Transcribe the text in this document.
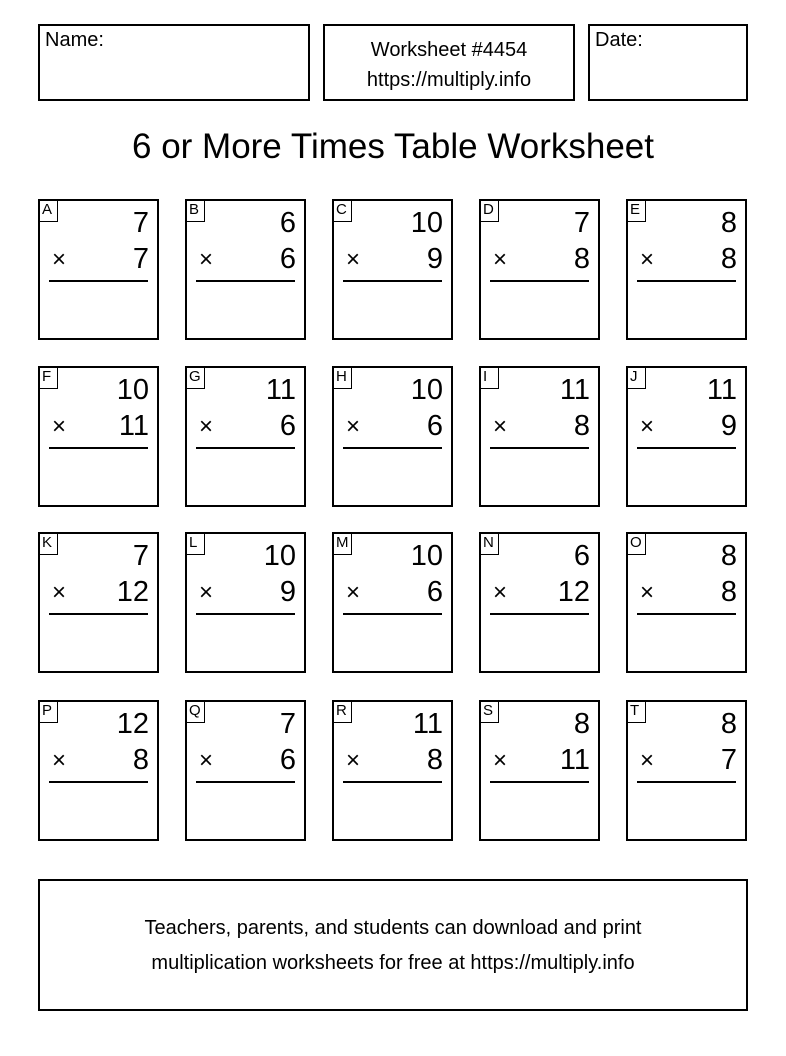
Name:	Worksheet #4454
https://multiply.info
Date:
6 or More Times Table Worksheet
A	7
× 7
B	6
× 6
C 10
× 9
D	7
× 8
E	8
× 8
F 10
× 11
G 11
× 6
H 10
× 6
I	11
× 8
J 11
× 9
K	7
× 12
L 10
× 9
M 10
× 6
N	6
× 12
O	8
× 8
P 12
× 8
Q	7
× 6
R 11
× 8
S	8
× 11
T	8
× 7
Teachers, parents, and students can download and print
multiplication worksheets for free at https://multiply.info
